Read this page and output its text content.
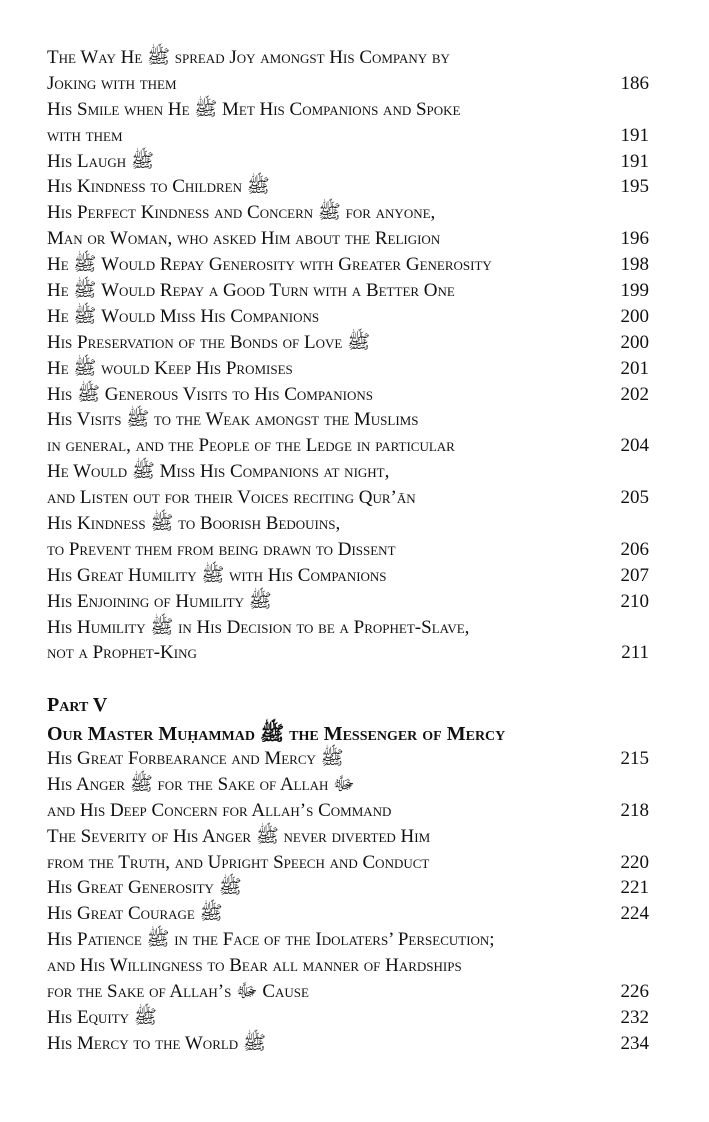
The Way He ﷺ spread Joy amongst His Company by
Joking with them	186
His Smile when He ﷺ Met His Companions and Spoke
with them	191
His Laugh ﷺ	191
His Kindness to Children ﷺ	195
His Perfect Kindness and Concern ﷺ for anyone,
Man or Woman, who asked Him about the Religion	196
He ﷺ Would Repay Generosity with Greater Generosity	198
He ﷺ Would Repay a Good Turn with a Better One	199
He ﷺ Would Miss His Companions	200
His Preservation of the Bonds of Love ﷺ	200
He ﷺ would Keep His Promises	201
His ﷺ Generous Visits to His Companions	202
His Visits ﷺ to the Weak amongst the Muslims
in general, and the People of the Ledge in particular	204
He Would ﷺ Miss His Companions at night,
and Listen out for their Voices reciting Qur’ān	205
His Kindness ﷺ to Boorish Bedouins,
to Prevent them from being drawn to Dissent	206
His Great Humility ﷺ with His Companions	207
His Enjoining of Humility ﷺ	210
His Humility ﷺ in His Decision to be a Prophet-Slave,
not a Prophet-King	211
Part V
Our Master Muḥammad ﷺ the Messenger of Mercy
His Great Forbearance and Mercy ﷺ	215
His Anger ﷺ for the Sake of Allah ﷻ
and His Deep Concern for Allah’s Command	218
The Severity of His Anger ﷺ never diverted Him
from the Truth, and Upright Speech and Conduct	220
His Great Generosity ﷺ	221
His Great Courage ﷺ	224
His Patience ﷺ in the Face of the Idolaters’ Persecution;
and His Willingness to Bear all manner of Hardships
for the Sake of Allah’s ﷻ Cause	226
His Equity ﷺ	232
His Mercy to the World ﷺ	234
